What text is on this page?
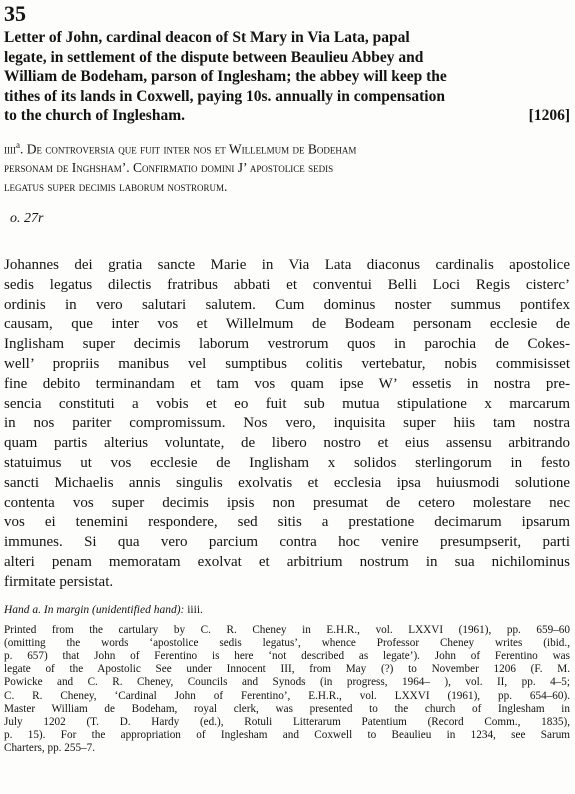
35
Letter of John, cardinal deacon of St Mary in Via Lata, papal
legate, in settlement of the dispute between Beaulieu Abbey and
William de Bodeham, parson of Inglesham; the abbey will keep the
tithes of its lands in Coxwell, paying 10s. annually in compensation
to the church of Inglesham.	[1206]
iiii$^a$. De controversia que fuit inter nos et Willelmum de Bodeham
personam de Inghsham’. Confirmatio domini J’ apostolice sedis
legatus super decimis laborum nostrorum.
o. 27r
Johannes dei gratia sancte Marie in Via Lata diaconus cardinalis apostolice
sedis legatus dilectis fratribus abbati et conventui Belli Loci Regis cisterc’
ordinis in vero salutari salutem. Cum dominus noster summus pontifex
causam, que inter vos et Willelmum de Bodeam personam ecclesie de
Inglisham super decimis laborum vestrorum quos in parochia de Cokes-
well’ propriis manibus vel sumptibus colitis vertebatur, nobis commisisset
fine debito terminandam et tam vos quam ipse W’ essetis in nostra pre-
sencia constituti a vobis et eo fuit sub mutua stipulatione x marcarum
in nos pariter compromissum. Nos vero, inquisita super hiis tam nostra
quam partis alterius voluntate, de libero nostro et eius assensu arbitrando
statuimus ut vos ecclesie de Inglisham x solidos sterlingorum in festo
sancti Michaelis annis singulis exolvatis et ecclesia ipsa huiusmodi solutione
contenta vos super decimis ipsis non presumat de cetero molestare nec
vos ei tenemini respondere, sed sitis a prestatione decimarum ipsarum
immunes. Si qua vero parcium contra hoc venire presumpserit, parti
alteri penam memoratam exolvat et arbitrium nostrum in sua nichilominus
firmitate persistat.
Hand a. In margin (unidentified hand): iiii.
Printed from the cartulary by C. R. Cheney in E.H.R., vol. LXXVI (1961), pp. 659–60
(omitting the words ‘apostolice sedis legatus’, whence Professor Cheney writes (ibid.,
p. 657) that John of Ferentino is here ‘not described as legate’). John of Ferentino was
legate of the Apostolic See under Innocent III, from May (?) to November 1206 (F. M.
Powicke and C. R. Cheney, Councils and Synods (in progress, 1964– ), vol. II, pp. 4–5;
C. R. Cheney, ‘Cardinal John of Ferentino’, E.H.R., vol. LXXVI (1961), pp. 654–60).
Master William de Bodeham, royal clerk, was presented to the church of Inglesham in
July 1202 (T. D. Hardy (ed.), Rotuli Litterarum Patentium (Record Comm., 1835),
p. 15). For the appropriation of Inglesham and Coxwell to Beaulieu in 1234, see Sarum
Charters, pp. 255–7.
